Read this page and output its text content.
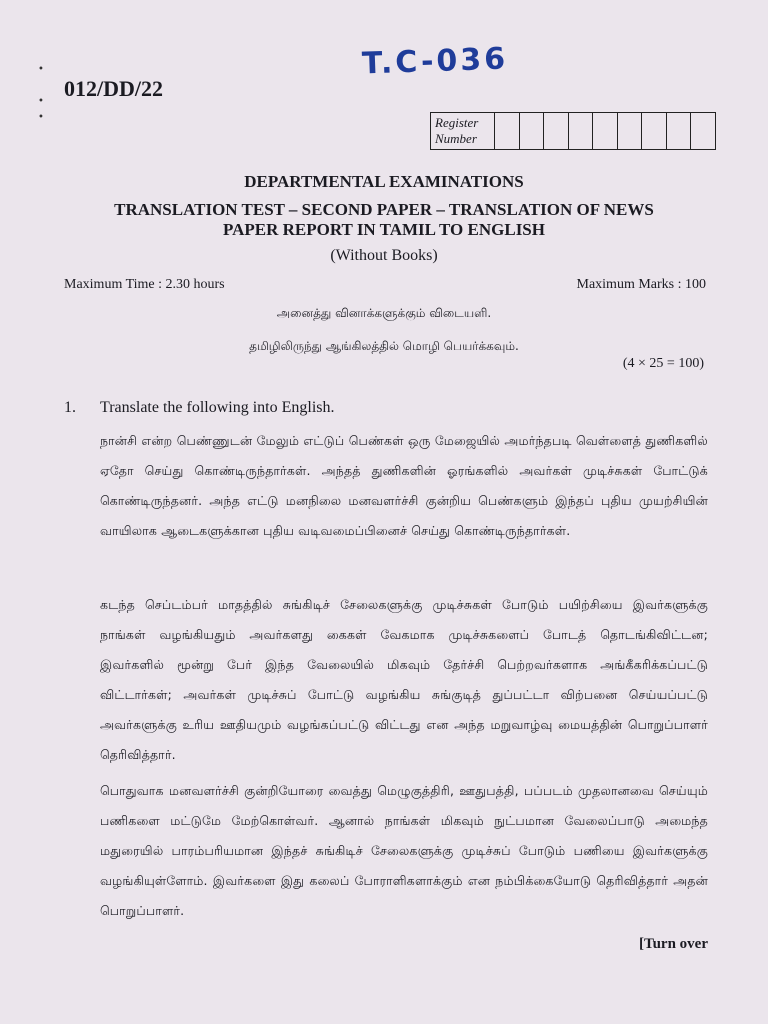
•

•
•
T.C-036
012/DD/22
Register
Number
DEPARTMENTAL EXAMINATIONS
TRANSLATION TEST – SECOND PAPER – TRANSLATION OF NEWS
PAPER REPORT IN TAMIL TO ENGLISH
(Without Books)
Maximum Time : 2.30 hours	Maximum Marks : 100
அனைத்து வினாக்களுக்கும் விடையளி.
தமிழிலிருந்து ஆங்கிலத்தில் மொழி பெயர்க்கவும்.
(4 × 25 = 100)
1. Translate the following into English.
நான்சி என்ற பெண்ணுடன் மேலும் எட்டுப் பெண்கள் ஒரு மேஜையில் அமர்ந்தபடி வெள்ளைத் துணிகளில் ஏதோ செய்து கொண்டிருந்தார்கள். அந்தத் துணிகளின் ஓரங்களில் அவர்கள் முடிச்சுகள் போட்டுக் கொண்டிருந்தனர். அந்த எட்டு மனநிலை மனவளர்ச்சி குன்றிய பெண்களும் இந்தப் புதிய முயற்சியின் வாயிலாக ஆடைகளுக்கான புதிய வடிவமைப்பினைச் செய்து கொண்டிருந்தார்கள்.
கடந்த செப்டம்பர் மாதத்தில் சுங்கிடிச் சேலைகளுக்கு முடிச்சுகள் போடும் பயிற்சியை இவர்களுக்கு நாங்கள் வழங்கியதும் அவர்களது கைகள் வேகமாக முடிச்சுகளைப் போடத் தொடங்கிவிட்டன; இவர்களில் மூன்று பேர் இந்த வேலையில் மிகவும் தேர்ச்சி பெற்றவர்களாக அங்கீகரிக்கப்பட்டு விட்டார்கள்; அவர்கள் முடிச்சுப் போட்டு வழங்கிய சுங்குடித் துப்பட்டா விற்பனை செய்யப்பட்டு அவர்களுக்கு உரிய ஊதியமும் வழங்கப்பட்டு விட்டது என அந்த மறுவாழ்வு மையத்தின் பொறுப்பாளர் தெரிவித்தார்.
பொதுவாக மனவளர்ச்சி குன்றியோரை வைத்து மெழுகுத்திரி, ஊதுபத்தி, பப்படம் முதலானவை செய்யும் பணிகளை மட்டுமே மேற்கொள்வர். ஆனால் நாங்கள் மிகவும் நுட்பமான வேலைப்பாடு அமைந்த மதுரையில் பாரம்பரியமான இந்தச் சுங்கிடிச் சேலைகளுக்கு முடிச்சுப் போடும் பணியை இவர்களுக்கு வழங்கியுள்ளோம். இவர்களை இது கலைப் போராளிகளாக்கும் என நம்பிக்கையோடு தெரிவித்தார் அதன் பொறுப்பாளர்.
[Turn over
